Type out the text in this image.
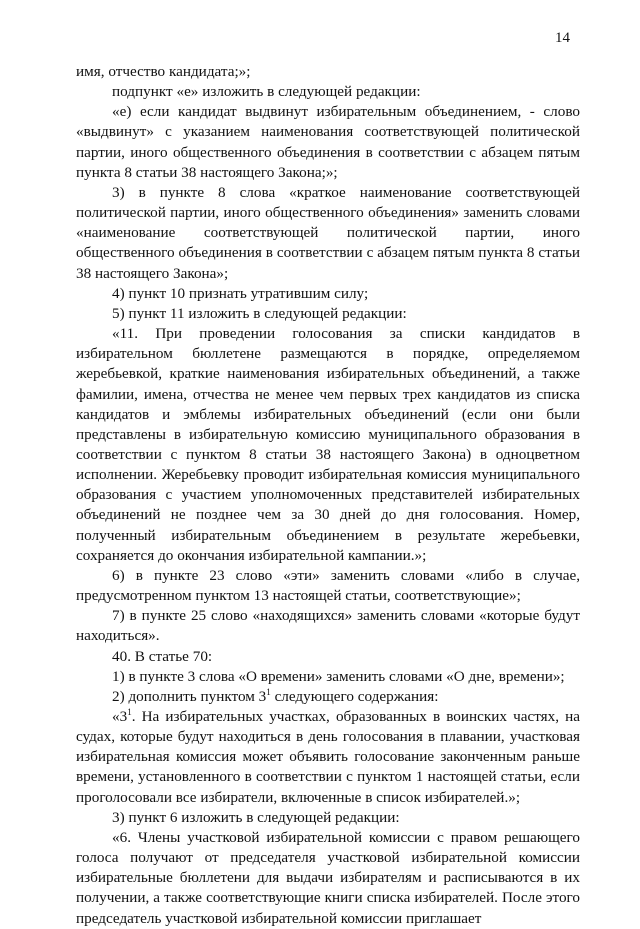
14

имя, отчество кандидата;»;

подпункт «е» изложить в следующей редакции:

«е) если кандидат выдвинут избирательным объединением, - слово «выдвинут» с указанием наименования соответствующей политической партии, иного общественного объединения в соответствии с абзацем пятым пункта 8 статьи 38 настоящего Закона;»;

3) в пункте 8 слова «краткое наименование соответствующей политической партии, иного общественного объединения» заменить словами «наименование соответствующей политической партии, иного общественного объединения в соответствии с абзацем пятым пункта 8 статьи 38 настоящего Закона»;

4) пункт 10 признать утратившим силу;

5) пункт 11 изложить в следующей редакции:

«11. При проведении голосования за списки кандидатов в избирательном бюллетене размещаются в порядке, определяемом жеребьевкой, краткие наименования избирательных объединений, а также фамилии, имена, отчества не менее чем первых трех кандидатов из списка кандидатов и эмблемы избирательных объединений (если они были представлены в избирательную комиссию муниципального образования в соответствии с пунктом 8 статьи 38 настоящего Закона) в одноцветном исполнении. Жеребьевку проводит избирательная комиссия муниципального образования с участием уполномоченных представителей избирательных объединений не позднее чем за 30 дней до дня голосования. Номер, полученный избирательным объединением в результате жеребьевки, сохраняется до окончания избирательной кампании.»;

6) в пункте 23 слово «эти» заменить словами «либо в случае, предусмотренном пунктом 13 настоящей статьи, соответствующие»;

7) в пункте 25 слово «находящихся» заменить словами «которые будут находиться».

40. В статье 70:

1) в пункте 3 слова «О времени» заменить словами «О дне, времени»;

2) дополнить пунктом $3^1$ следующего содержания:

«$3^1$. На избирательных участках, образованных в воинских частях, на судах, которые будут находиться в день голосования в плавании, участковая избирательная комиссия может объявить голосование законченным раньше времени, установленного в соответствии с пунктом 1 настоящей статьи, если проголосовали все избиратели, включенные в список избирателей.»;

3) пункт 6 изложить в следующей редакции:

«6. Члены участковой избирательной комиссии с правом решающего голоса получают от председателя участковой избирательной комиссии избирательные бюллетени для выдачи избирателям и расписываются в их получении, а также соответствующие книги списка избирателей. После этого председатель участковой избирательной комиссии приглашает
